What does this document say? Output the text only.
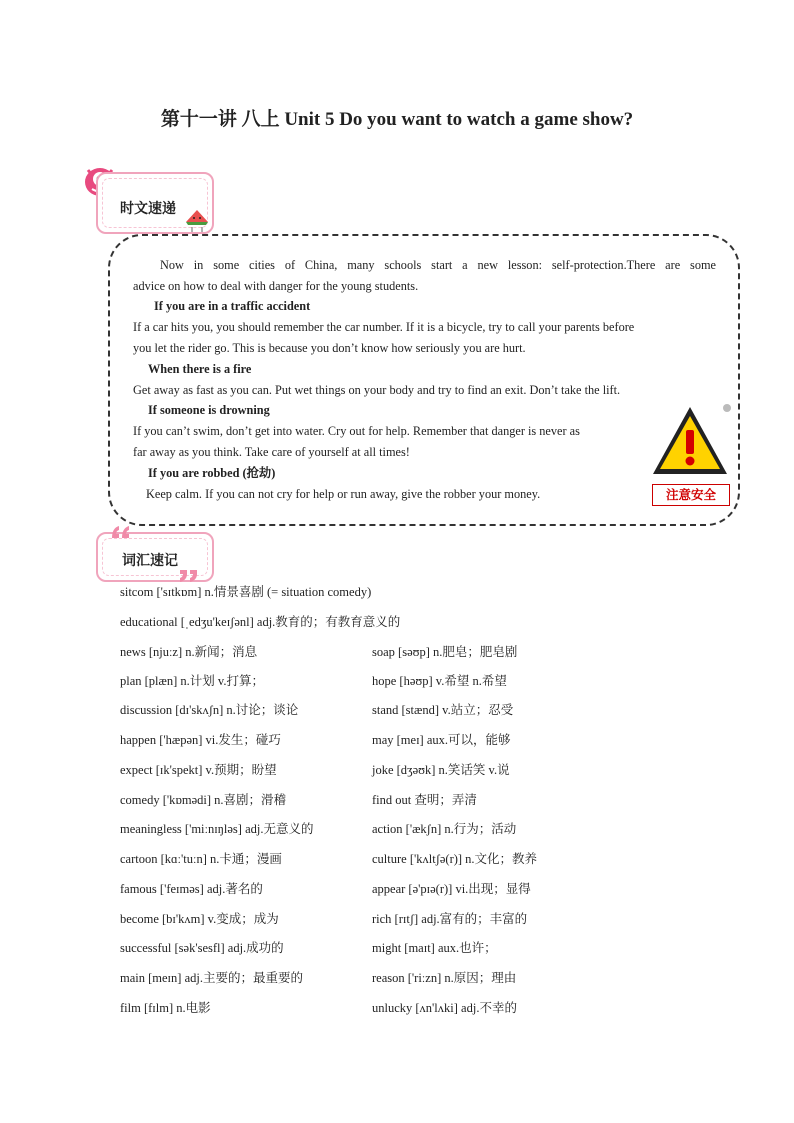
第十一讲 八上 Unit 5 Do you want to watch a game show?
时文速递
Now in some cities of China, many schools start a new lesson: self-protection.There are some
advice on how to deal with danger for the young students.
If you are in a traffic accident
If a car hits you, you should remember the car number. If it is a bicycle, try to call your parents before
you let the rider go. This is because you don’t know how seriously you are hurt.
When there is a fire
Get away as fast as you can. Put wet things on your body and try to find an exit. Don’t take the lift.
If someone is drowning
If you can’t swim, don’t get into water. Cry out for help. Remember that danger is never as
far away as you think. Take care of yourself at all times!
If you are robbed (抢劫)
Keep calm. If you can not cry for help or run away, give the robber your money.	注意安全
词汇速记
sitcom ['sɪtkɒm] n.情景喜剧 (= situation comedy)
educational [ˌedʒu'keɪʃənl] adj.教育的；有教育意义的
news [njuːz] n.新闻；消息
plan [plæn] n.计划 v.打算；
discussion [dɪ'skʌʃn] n.讨论；谈论
happen ['hæpən] vi.发生；碰巧
expect [ɪk'spekt] v.预期；盼望
comedy ['kɒmədi] n.喜剧；滑稽
meaningless ['miːnɪŋləs] adj.无意义的
cartoon [kɑː'tuːn] n.卡通；漫画
famous ['feɪməs] adj.著名的
become [bɪ'kʌm] v.变成；成为
successful [sək'sesfl] adj.成功的
main [meɪn] adj.主要的；最重要的
film [fɪlm] n.电影
soap [səʊp] n.肥皂；肥皂剧
hope [həʊp] v.希望 n.希望
stand [stænd] v.站立；忍受
may [meɪ] aux.可以，能够
joke [dʒəʊk] n.笑话笑 v.说
find out 查明；弄清
action ['ækʃn] n.行为；活动
culture ['kʌltʃə(r)] n.文化；教养
appear [ə'pɪə(r)] vi.出现；显得
rich [rɪtʃ] adj.富有的；丰富的
might [maɪt] aux.也许；
reason ['riːzn] n.原因；理由
unlucky [ʌn'lʌki] adj.不幸的
